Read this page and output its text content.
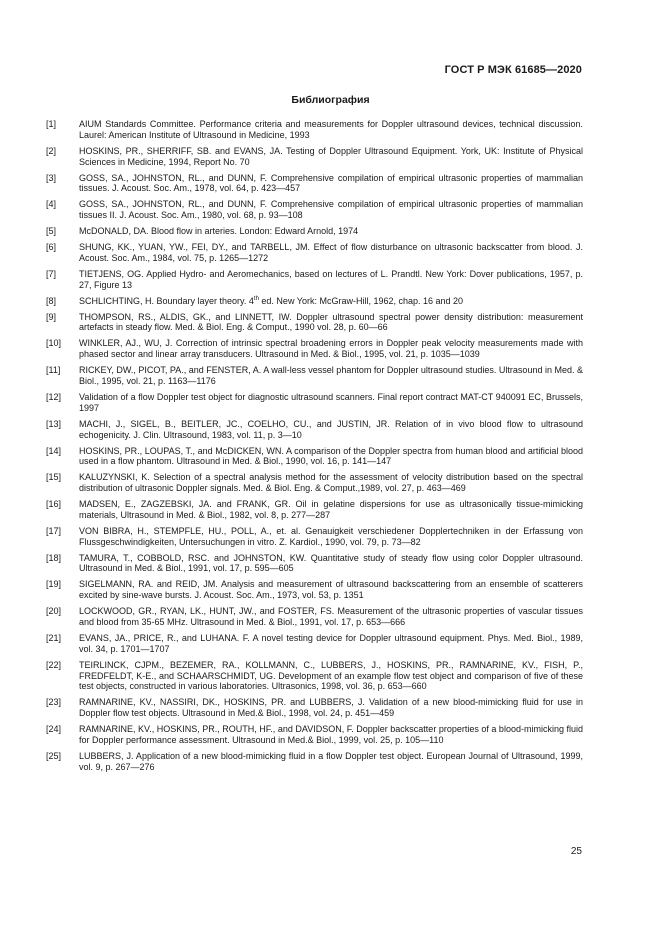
ГОСТ Р МЭК 61685—2020
Библиография
[1]	AIUM Standards Committee. Performance criteria and measurements for Doppler ultrasound devices, technical discussion. Laurel: American Institute of Ultrasound in Medicine, 1993
[2]	HOSKINS, PR., SHERRIFF, SB. and EVANS, JA. Testing of Doppler Ultrasound Equipment. York, UK: Institute of Physical Sciences in Medicine, 1994, Report No. 70
[3]	GOSS, SA., JOHNSTON, RL., and DUNN, F. Comprehensive compilation of empirical ultrasonic properties of mammalian tissues. J. Acoust. Soc. Am., 1978, vol. 64, p. 423—457
[4]	GOSS, SA., JOHNSTON, RL., and DUNN, F. Comprehensive compilation of empirical ultrasonic properties of mammalian tissues II. J. Acoust. Soc. Am., 1980, vol. 68, p. 93—108
[5]	McDONALD, DA. Blood flow in arteries. London: Edward Arnold, 1974
[6]	SHUNG, KK., YUAN, YW., FEI, DY., and TARBELL, JM. Effect of flow disturbance on ultrasonic backscatter from blood. J. Acoust. Soc. Am., 1984, vol. 75, p. 1265—1272
[7]	TIETJENS, OG. Applied Hydro- and Aeromechanics, based on lectures of L. Prandtl. New York: Dover publications, 1957, p. 27, Figure 13
[8]	SCHLICHTING, H. Boundary layer theory. 4th ed. New York: McGraw-Hill, 1962, chap. 16 and 20
[9]	THOMPSON, RS., ALDIS, GK., and LINNETT, IW. Doppler ultrasound spectral power density distribution: measurement artefacts in steady flow. Med. & Biol. Eng. & Comput., 1990 vol. 28, p. 60—66
[10]	WINKLER, AJ., WU, J. Correction of intrinsic spectral broadening errors in Doppler peak velocity measurements made with phased sector and linear array transducers. Ultrasound in Med. & Biol., 1995, vol. 21, p. 1035—1039
[11]	RICKEY, DW., PICOT, PA., and FENSTER, A. A wall-less vessel phantom for Doppler ultrasound studies. Ultrasound in Med. & Biol., 1995, vol. 21, p. 1163—1176
[12]	Validation of a flow Doppler test object for diagnostic ultrasound scanners. Final report contract MAT-CT 940091 EC, Brussels, 1997
[13]	MACHI, J., SIGEL, B., BEITLER, JC., COELHO, CU., and JUSTIN, JR. Relation of in vivo blood flow to ultrasound echogenicity. J. Clin. Ultrasound, 1983, vol. 11, p. 3—10
[14]	HOSKINS, PR., LOUPAS, T., and McDICKEN, WN. A comparison of the Doppler spectra from human blood and artificial blood used in a flow phantom. Ultrasound in Med. & Biol., 1990, vol. 16, p. 141—147
[15]	KALUZYNSKI, K. Selection of a spectral analysis method for the assessment of velocity distribution based on the spectral distribution of ultrasonic Doppler signals. Med. & Biol. Eng. & Comput.,1989, vol. 27, p. 463—469
[16]	MADSEN, E., ZAGZEBSKI, JA. and FRANK, GR. Oil in gelatine dispersions for use as ultrasonically tissue-mimicking materials, Ultrasound in Med. & Biol., 1982, vol. 8, p. 277—287
[17]	VON BIBRA, H., STEMPFLE, HU., POLL, A., et. al. Genauigkeit verschiedener Dopplertechniken in der Erfassung von Flussgeschwindigkeiten, Untersuchungen in vitro. Z. Kardiol., 1990, vol. 79, p. 73—82
[18]	TAMURA, T., COBBOLD, RSC. and JOHNSTON, KW. Quantitative study of steady flow using color Doppler ultrasound. Ultrasound in Med. & Biol., 1991, vol. 17, p. 595—605
[19]	SIGELMANN, RA. and REID, JM. Analysis and measurement of ultrasound backscattering from an ensemble of scatterers excited by sine-wave bursts. J. Acoust. Soc. Am., 1973, vol. 53, p. 1351
[20]	LOCKWOOD, GR., RYAN, LK., HUNT, JW., and FOSTER, FS. Measurement of the ultrasonic properties of vascular tissues and blood from 35-65 MHz. Ultrasound in Med. & Biol., 1991, vol. 17, p. 653—666
[21]	EVANS, JA., PRICE, R., and LUHANA. F. A novel testing device for Doppler ultrasound equipment. Phys. Med. Biol., 1989, vol. 34, p. 1701—1707
[22]	TEIRLINCK, CJPM., BEZEMER, RA., KOLLMANN, C., LUBBERS, J., HOSKINS, PR., RAMNARINE, KV., FISH, P., FREDFELDT, K-E., and SCHAARSCHMIDT, UG. Development of an example flow test object and comparison of five of these test objects, constructed in various laboratories. Ultrasonics, 1998, vol. 36, p. 653—660
[23]	RAMNARINE, KV., NASSIRI, DK., HOSKINS, PR. and LUBBERS, J. Validation of a new blood-mimicking fluid for use in Doppler flow test objects. Ultrasound in Med.& Biol., 1998, vol. 24, p. 451—459
[24]	RAMNARINE, KV., HOSKINS, PR., ROUTH, HF., and DAVIDSON, F. Doppler backscatter properties of a blood-mimicking fluid for Doppler performance assessment. Ultrasound in Med.& Biol., 1999, vol. 25, p. 105—110
[25]	LUBBERS, J. Application of a new blood-mimicking fluid in a flow Doppler test object. European Journal of Ultrasound, 1999, vol. 9, p. 267—276
25
